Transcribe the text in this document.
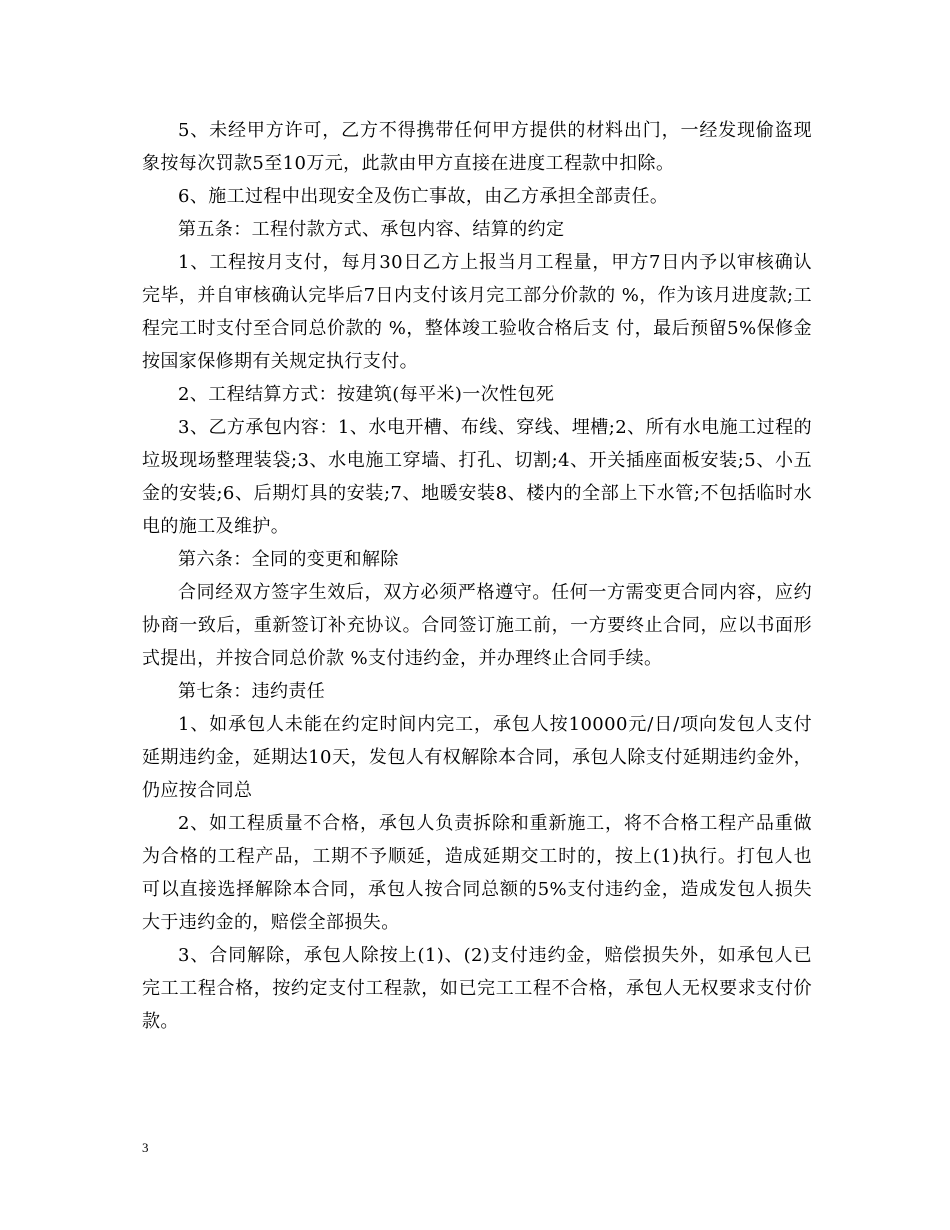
5、未经甲方许可，乙方不得携带任何甲方提供的材料出门，一经发现偷盗现象按每次罚款5至10万元，此款由甲方直接在进度工程款中扣除。

6、施工过程中出现安全及伤亡事故，由乙方承担全部责任。

第五条：工程付款方式、承包内容、结算的约定

1、工程按月支付，每月30日乙方上报当月工程量，甲方7日内予以审核确认完毕，并自审核确认完毕后7日内支付该月完工部分价款的 %，作为该月进度款;工程完工时支付至合同总价款的 %，整体竣工验收合格后支 付，最后预留5%保修金按国家保修期有关规定执行支付。

2、工程结算方式：按建筑(每平米)一次性包死

3、乙方承包内容：1、水电开槽、布线、穿线、埋槽;2、所有水电施工过程的垃圾现场整理装袋;3、水电施工穿墙、打孔、切割;4、开关插座面板安装;5、小五金的安装;6、后期灯具的安装;7、地暖安装8、楼内的全部上下水管;不包括临时水电的施工及维护。

第六条：全同的变更和解除

合同经双方签字生效后，双方必须严格遵守。任何一方需变更合同内容，应约协商一致后，重新签订补充协议。合同签订施工前，一方要终止合同，应以书面形式提出，并按合同总价款 %支付违约金，并办理终止合同手续。

第七条：违约责任

1、如承包人未能在约定时间内完工，承包人按10000元/日/项向发包人支付延期违约金，延期达10天，发包人有权解除本合同，承包人除支付延期违约金外，仍应按合同总

2、如工程质量不合格，承包人负责拆除和重新施工，将不合格工程产品重做为合格的工程产品，工期不予顺延，造成延期交工时的，按上(1)执行。打包人也可以直接选择解除本合同，承包人按合同总额的5%支付违约金，造成发包人损失大于违约金的，赔偿全部损失。

3、合同解除，承包人除按上(1)、(2)支付违约金，赔偿损失外，如承包人已完工工程合格，按约定支付工程款，如已完工工程不合格，承包人无权要求支付价款。

3
